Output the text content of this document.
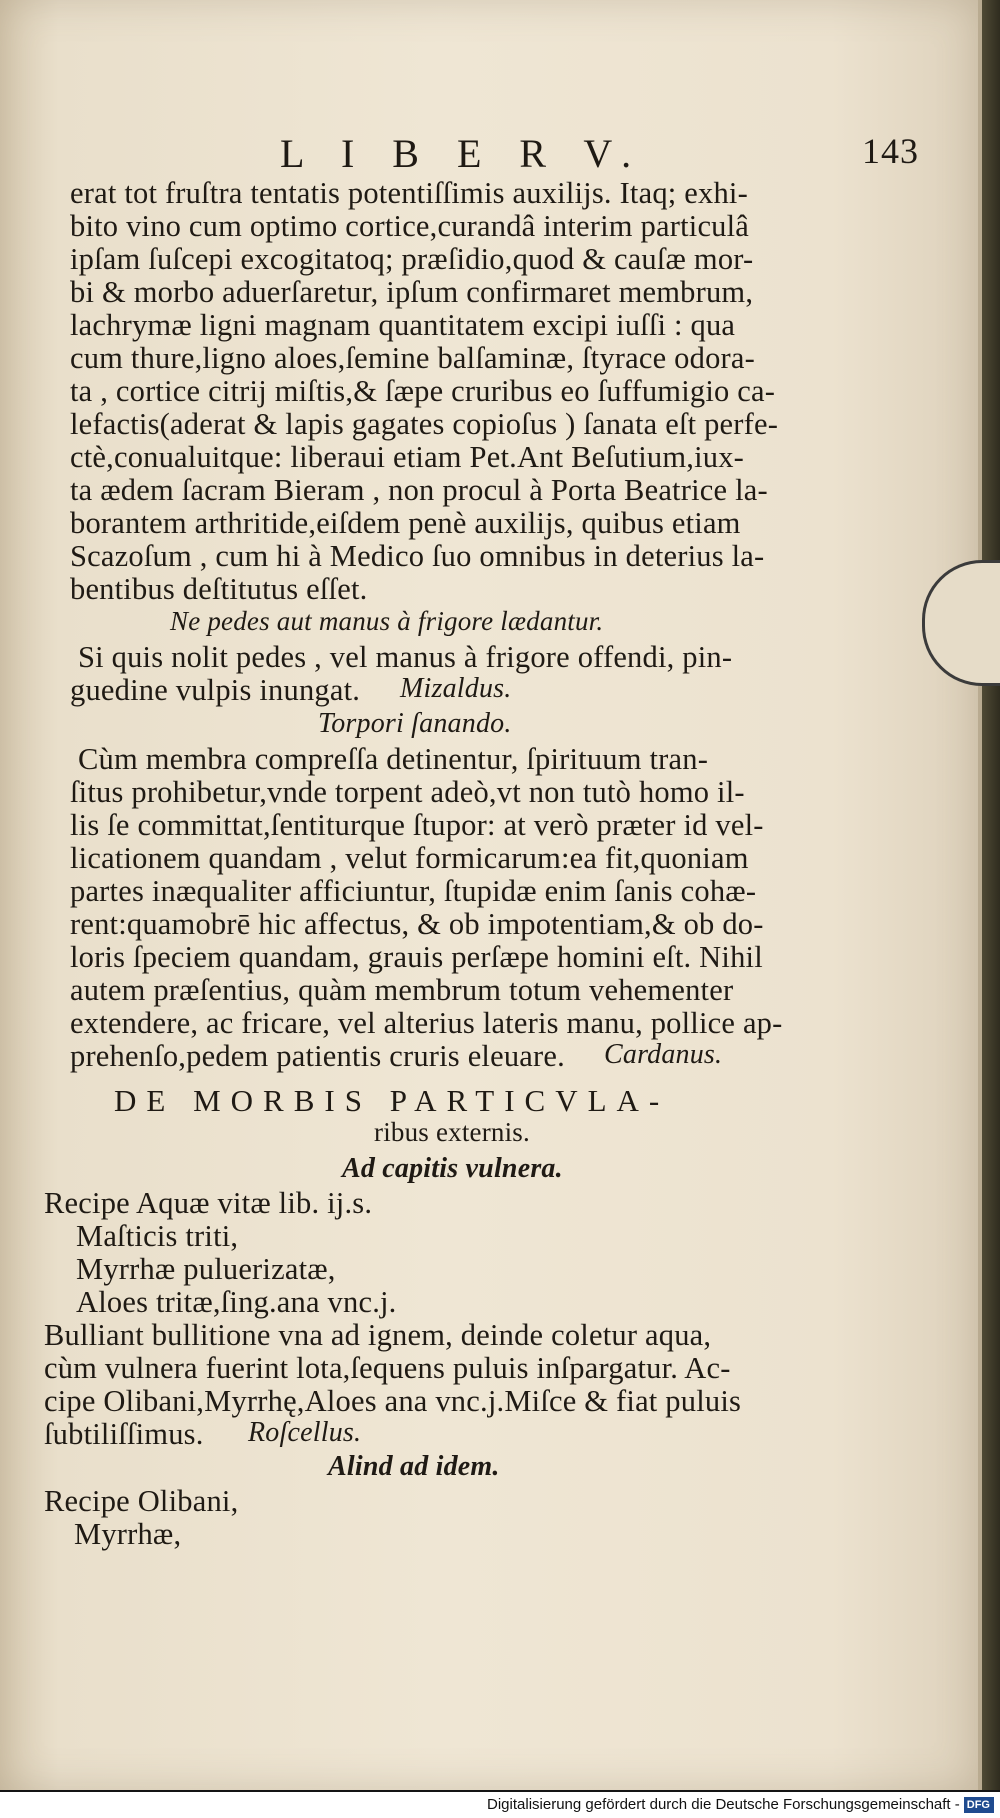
L I B E R V.	143
erat tot fruſtra tentatis potentiſſimis auxilijs. Itaq; exhi-
bito vino cum optimo cortice,curandâ interim particulâ
ipſam ſuſcepi excogitatoq; præſidio,quod & cauſæ mor-
bi & morbo aduerſaretur, ipſum confirmaret membrum,
lachrymæ ligni magnam quantitatem excipi iuſſi : qua
cum thure,ligno aloes,ſemine balſaminæ, ſtyrace odora-
ta , cortice citrij miſtis,& ſæpe cruribus eo ſuffumigio ca-
lefactis(aderat & lapis gagates copioſus ) ſanata eſt perfe-
ctè,conualuitque: liberaui etiam Pet.Ant Beſutium,iux-
ta ædem ſacram Bieram , non procul à Porta Beatrice la-
borantem arthritide,eiſdem penè auxilijs, quibus etiam
Scazoſum , cum hi à Medico ſuo omnibus in deterius la-
bentibus deſtitutus eſſet.
Ne pedes aut manus à frigore lædantur.
Si quis nolit pedes , vel manus à frigore offendi, pin-
guedine vulpis inungat. Mizaldus.
Torpori ſanando.
Cùm membra compreſſa detinentur, ſpirituum tran-
ſitus prohibetur,vnde torpent adeò,vt non tutò homo il-
lis ſe committat,ſentiturque ſtupor: at verò præter id vel-
licationem quandam , velut formicarum:ea fit,quoniam
partes inæqualiter afficiuntur, ſtupidæ enim ſanis cohæ-
rent:quamobrē hic affectus, & ob impotentiam,& ob do-
loris ſpeciem quandam, grauis perſæpe homini eſt. Nihil
autem præſentius, quàm membrum totum vehementer
extendere, ac fricare, vel alterius lateris manu, pollice ap-
prehenſo,pedem patientis cruris eleuare. Cardanus.
DE MORBIS PARTICVLA-
ribus externis.
Ad capitis vulnera.
Recipe Aquæ vitæ lib. ij.s.
Maſticis triti,
Myrrhæ puluerizatæ,
Aloes tritæ,ſing.ana vnc.j.
Bulliant bullitione vna ad ignem, deinde coletur aqua,
cùm vulnera fuerint lota,ſequens puluis inſpargatur. Ac-
cipe Olibani,Myrrhę,Aloes ana vnc.j.Miſce & fiat puluis
ſubtiliſſimus. Roſcellus.
Alind ad idem.
Recipe Olibani,
Myrrhæ,
Digitalisierung gefördert durch die Deutsche Forschungsgemeinschaft - DFG
